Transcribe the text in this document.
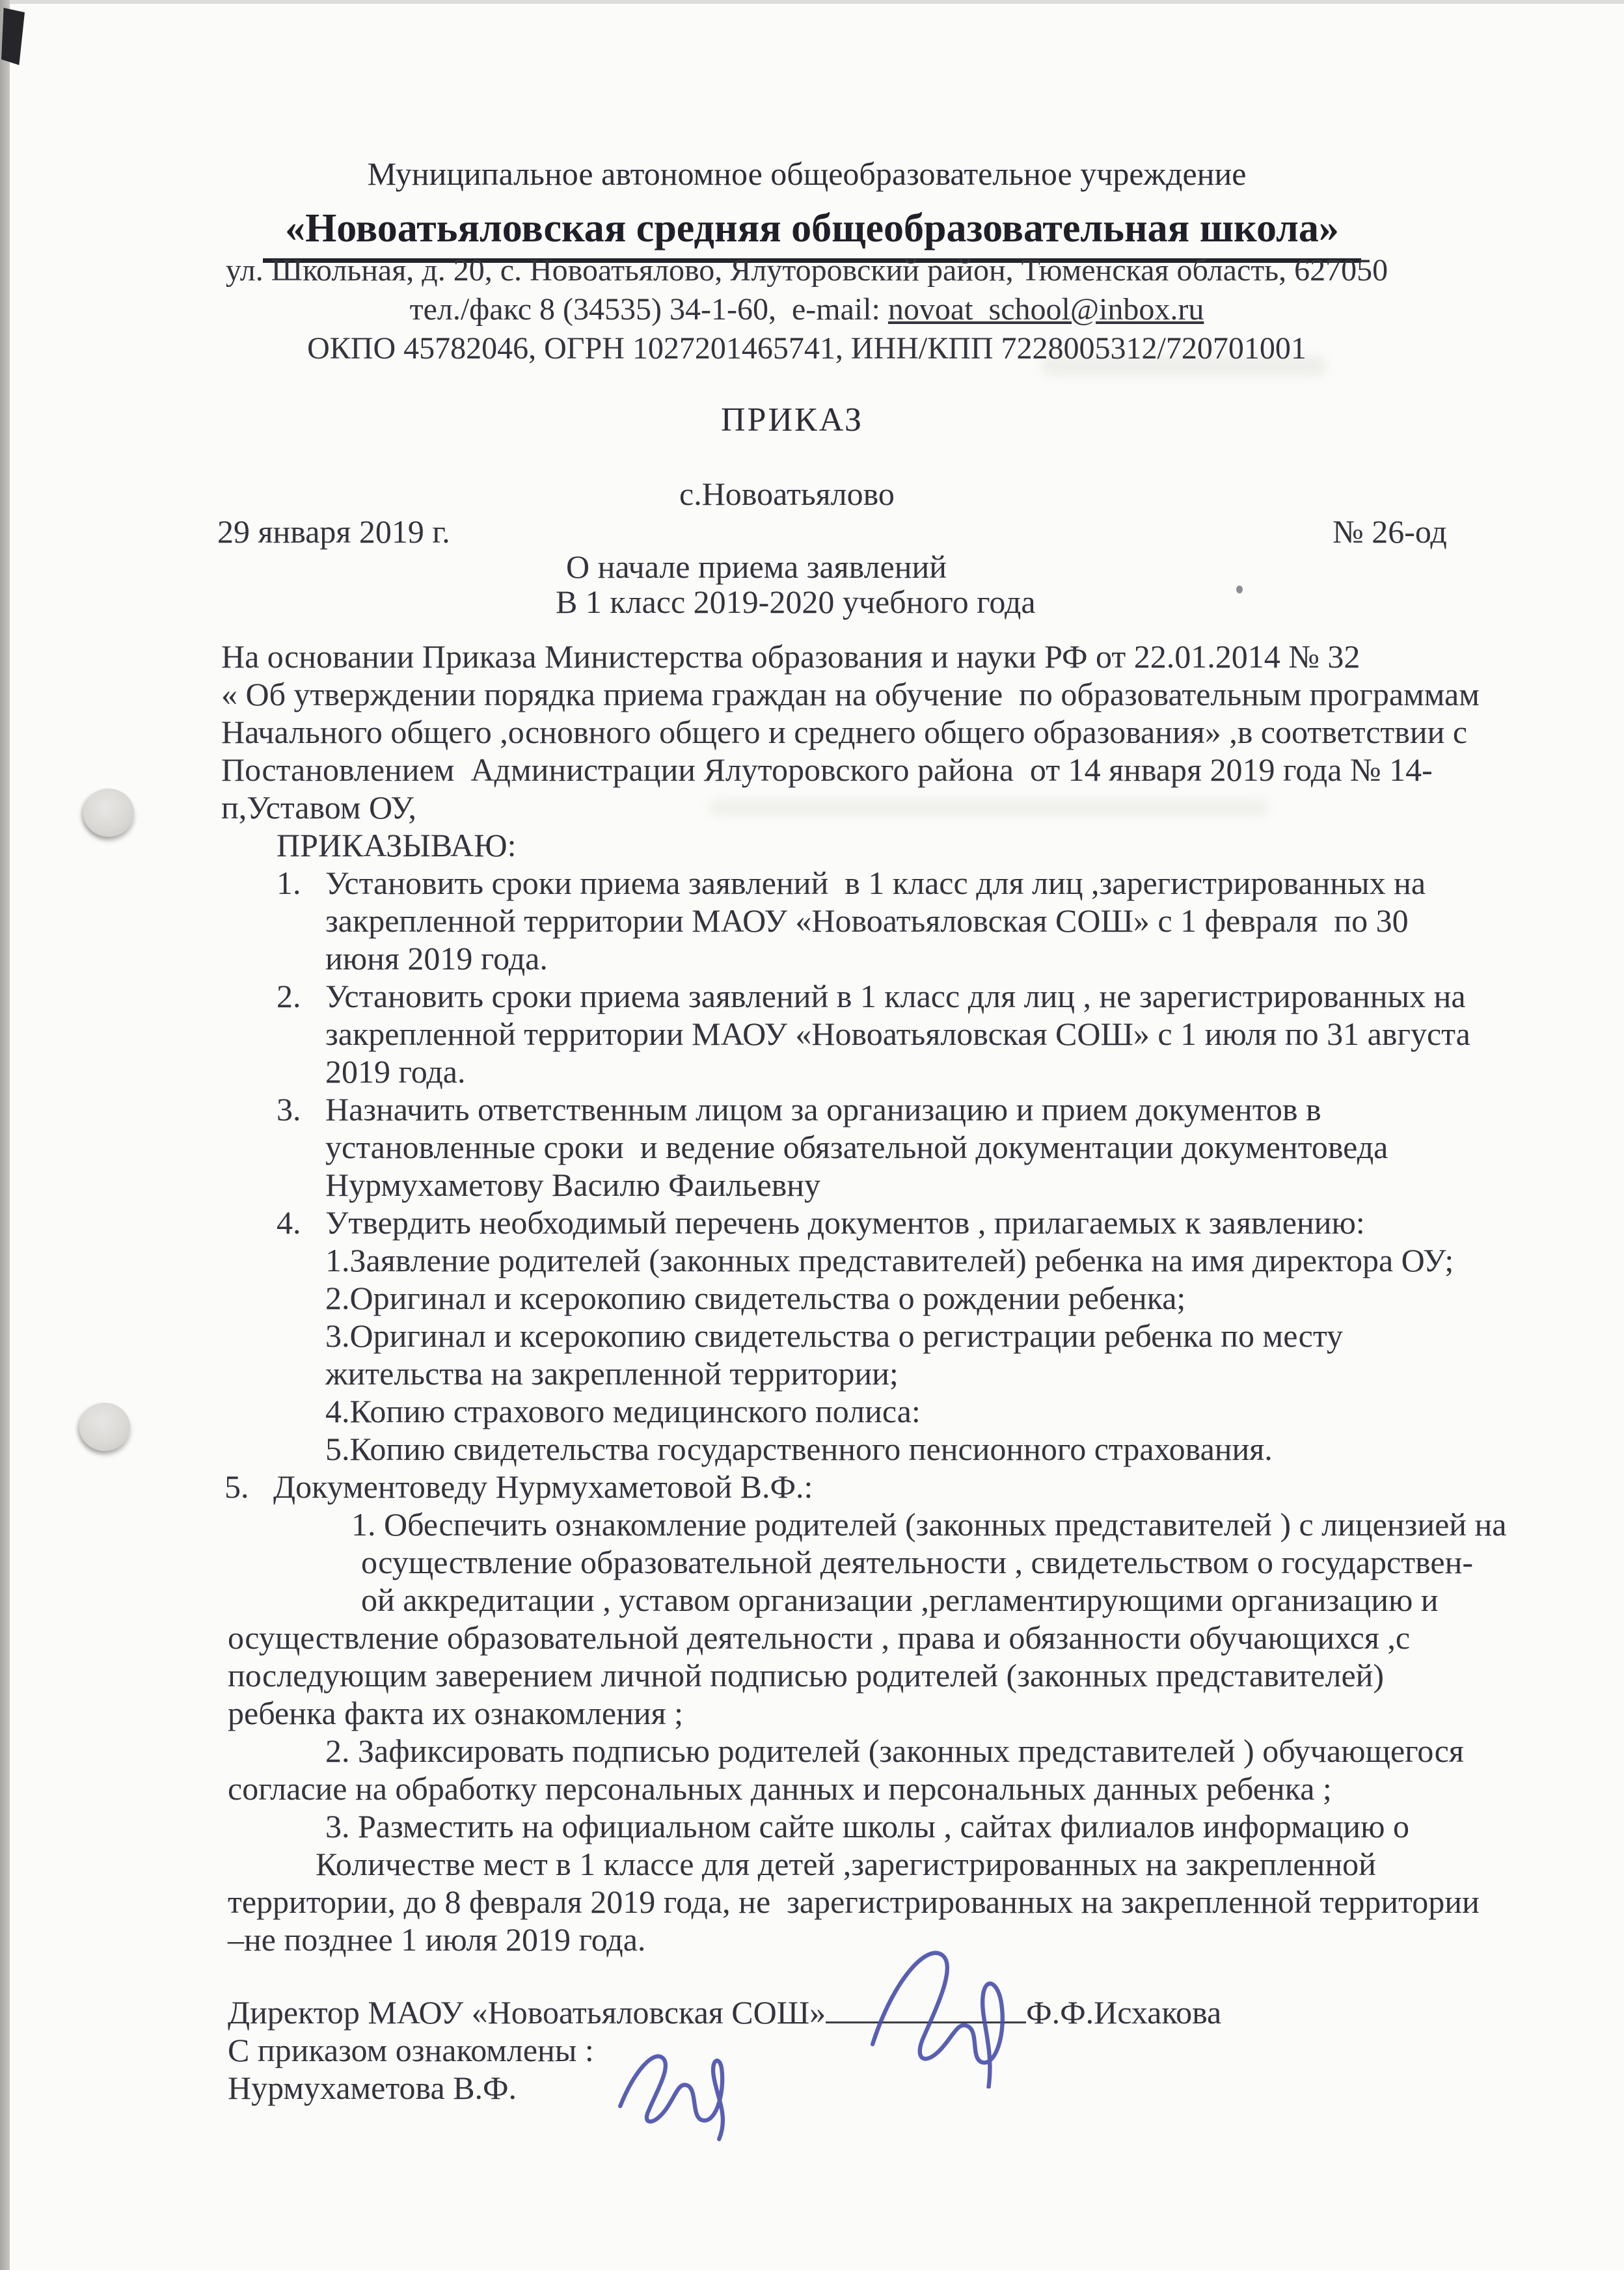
Муниципальное автономное общеобразовательное учреждение

«Новоатьяловская средняя общеобразовательная школа»

ул. Школьная, д. 20, с. Новоатьялово, Ялуторовский район, Тюменская область, 627050
тел./факс 8 (34535) 34-1-60,  e-mail: novoat_school@inbox.ru
ОКПО 45782046, ОГРН 1027201465741, ИНН/КПП 7228005312/720701001
ПРИКАЗ
с.Новоатьялово
29 января 2019 г.	№ 26-од
О начале приема заявлений
В 1 класс 2019-2020 учебного года
На основании Приказа Министерства образования и науки РФ от 22.01.2014 № 32
« Об утверждении порядка приема граждан на обучение  по образовательным программам
Начального общего ,основного общего и среднего общего образования» ,в соответствии с
Постановлением  Администрации Ялуторовского района  от 14 января 2019 года № 14-
п,Уставом ОУ,
ПРИКАЗЫВАЮ:
1.   Установить сроки приема заявлений  в 1 класс для лиц ,зарегистрированных на
закрепленной территории МАОУ «Новоатьяловская СОШ» с 1 февраля  по 30
июня 2019 года.
2.   Установить сроки приема заявлений в 1 класс для лиц , не зарегистрированных на
закрепленной территории МАОУ «Новоатьяловская СОШ» с 1 июля по 31 августа
2019 года.
3.   Назначить ответственным лицом за организацию и прием документов в
установленные сроки  и ведение обязательной документации документоведа
Нурмухаметову Василю Фаильевну
4.   Утвердить необходимый перечень документов , прилагаемых к заявлению:
1.Заявление родителей (законных представителей) ребенка на имя директора ОУ;
2.Оригинал и ксерокопию свидетельства о рождении ребенка;
3.Оригинал и ксерокопию свидетельства о регистрации ребенка по месту
жительства на закрепленной территории;
4.Копию страхового медицинского полиса:
5.Копию свидетельства государственного пенсионного страхования.
5.   Документоведу Нурмухаметовой В.Ф.:
1. Обеспечить ознакомление родителей (законных представителей ) с лицензией на
осуществление образовательной деятельности , свидетельством о государствен-
ой аккредитации , уставом организации ,регламентирующими организацию и
осуществление образовательной деятельности , права и обязанности обучающихся ,с
последующим заверением личной подписью родителей (законных представителей)
ребенка факта их ознакомления ;
2. Зафиксировать подписью родителей (законных представителей ) обучающегося
согласие на обработку персональных данных и персональных данных ребенка ;
3. Разместить на официальном сайте школы , сайтах филиалов информацию о
Количестве мест в 1 классе для детей ,зарегистрированных на закрепленной
территории, до 8 февраля 2019 года, не  зарегистрированных на закрепленной территории
–не позднее 1 июля 2019 года.
Директор МАОУ «Новоатьяловская СОШ»	Ф.Ф.Исхакова
С приказом ознакомлены :
Нурмухаметова В.Ф.
